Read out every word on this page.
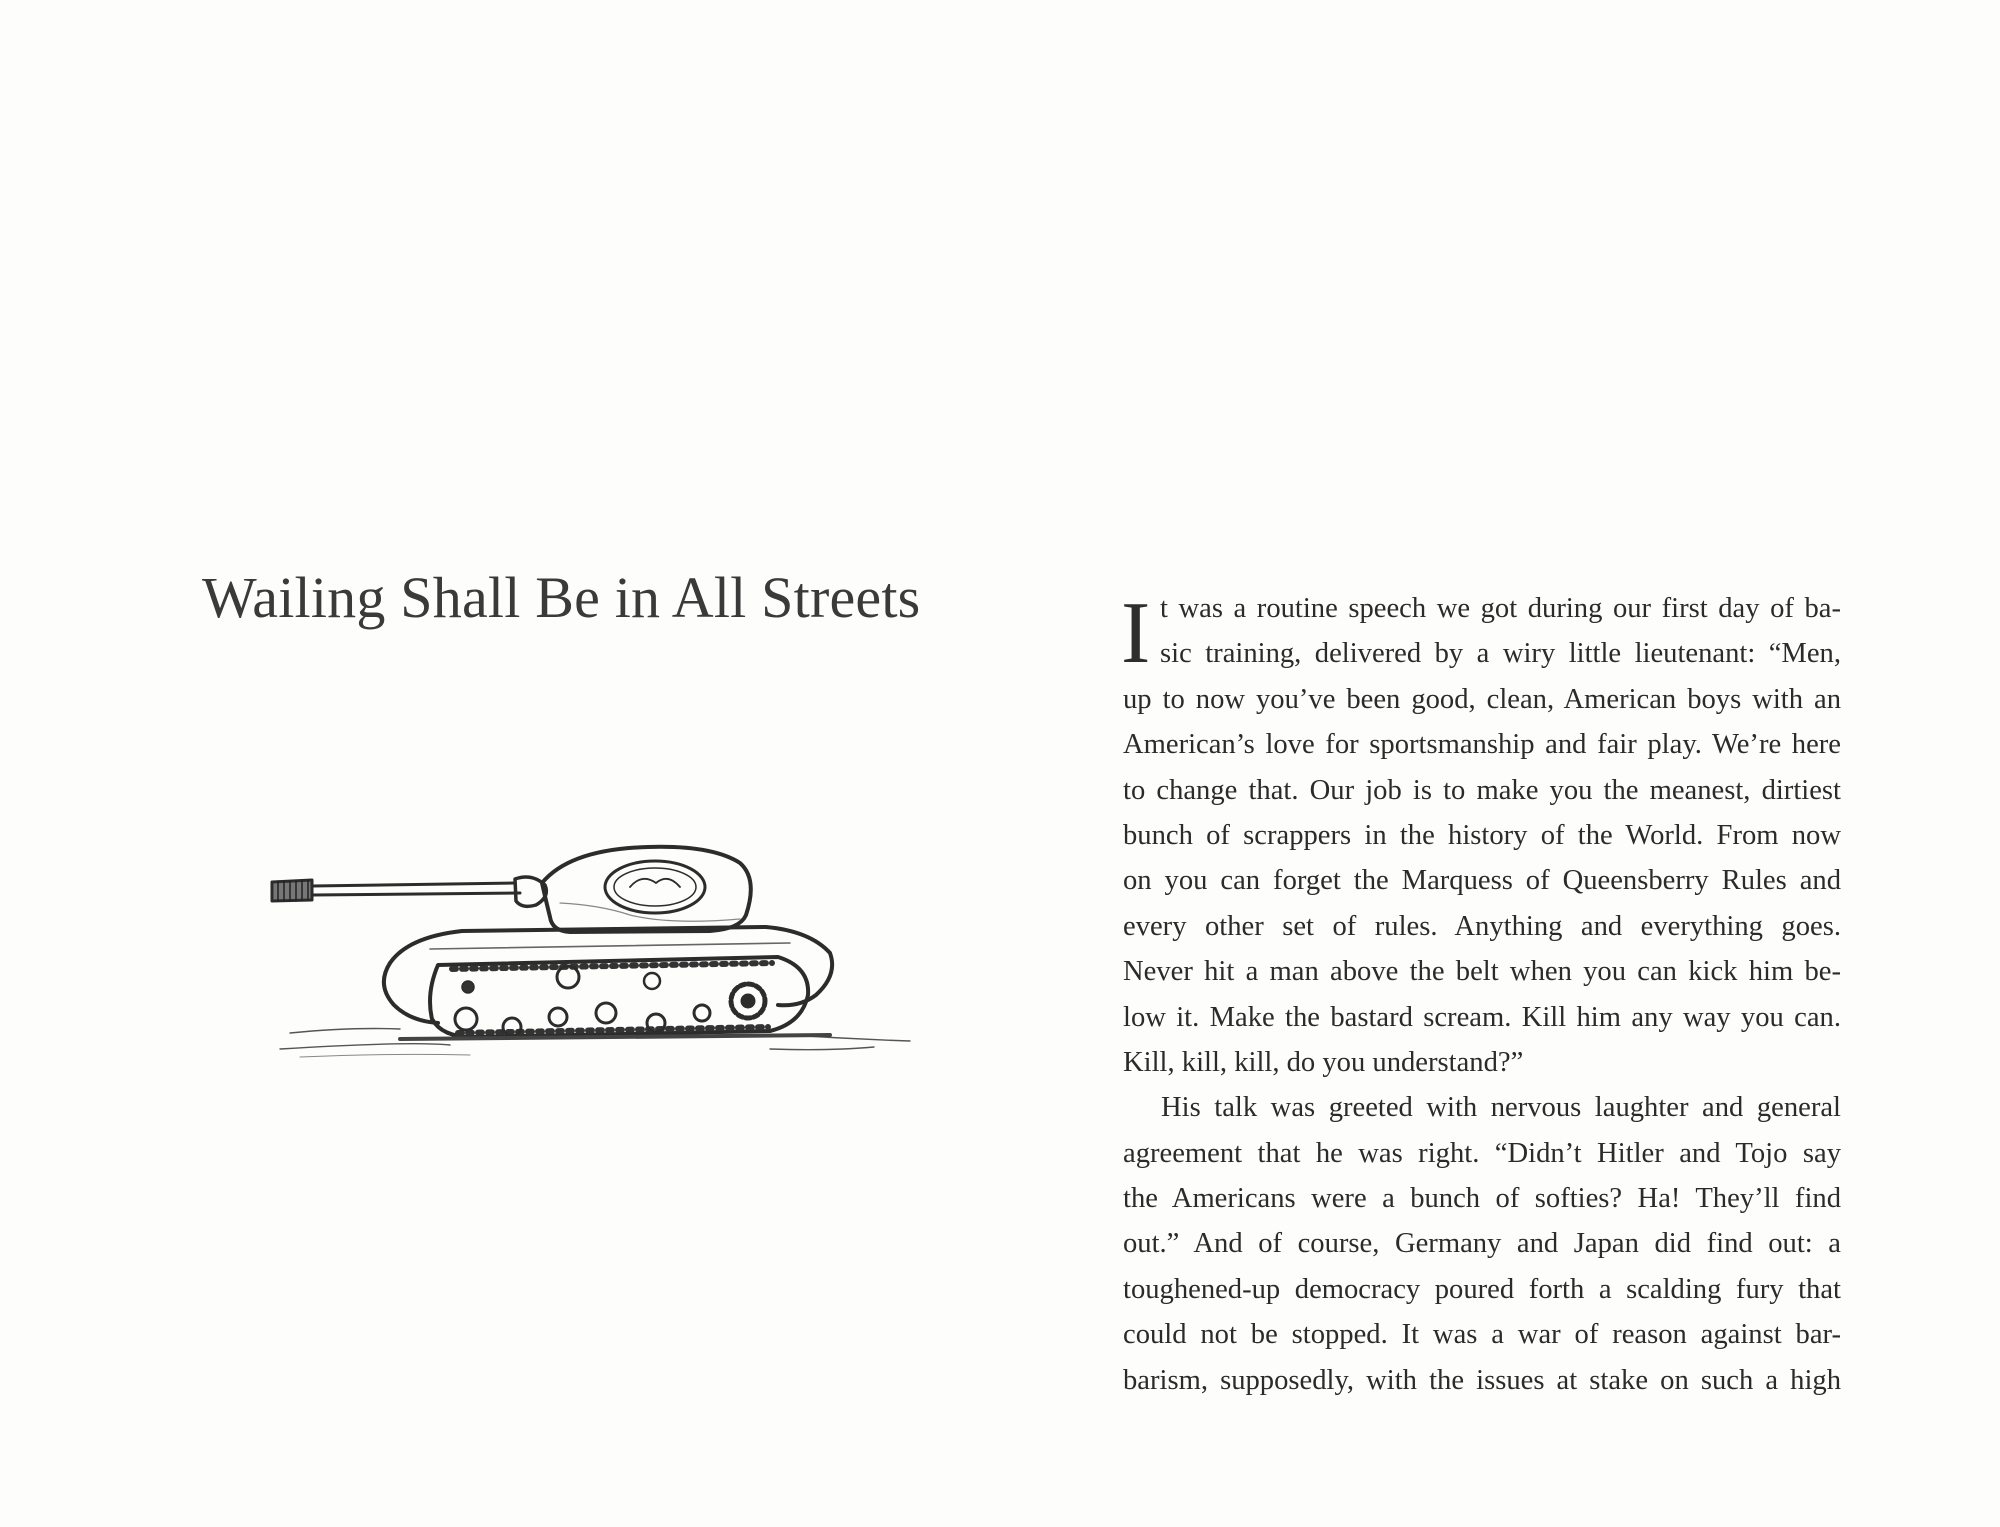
Wailing Shall Be in All Streets I t was a routine speech we got during our first day of ba-
sic training, delivered by a wiry little lieutenant: “Men,
up to now you’ve been good, clean, American boys with an
American’s love for sportsmanship and fair play. We’re here
to change that. Our job is to make you the meanest, dirtiest
bunch of scrappers in the history of the World. From now
on you can forget the Marquess of Queensberry Rules and
every other set of rules. Anything and everything goes.
Never hit a man above the belt when you can kick him be-
low it. Make the bastard scream. Kill him any way you can.
Kill, kill, kill, do you understand?”
His talk was greeted with nervous laughter and general
agreement that he was right. “Didn’t Hitler and Tojo say
the Americans were a bunch of softies? Ha! They’ll find
out.” And of course, Germany and Japan did find out: a
toughened-up democracy poured forth a scalding fury that
could not be stopped. It was a war of reason against bar-
barism, supposedly, with the issues at stake on such a high
